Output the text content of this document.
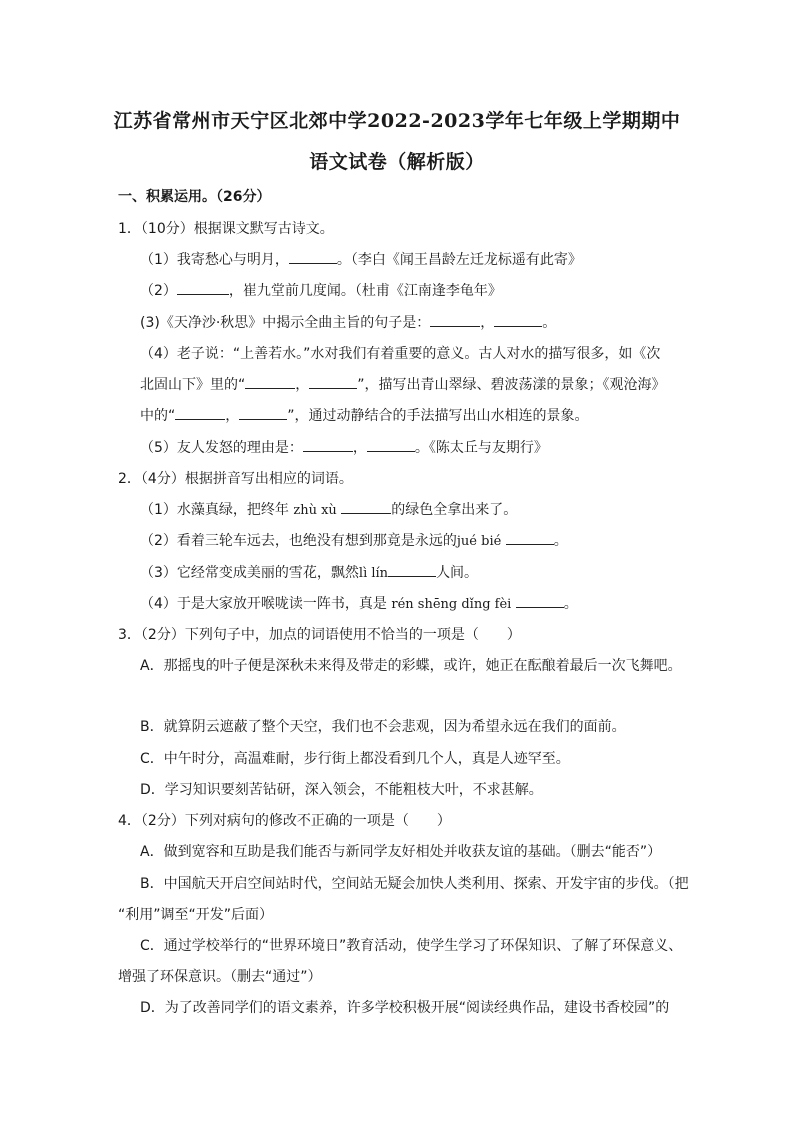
江苏省常州市天宁区北郊中学2022-2023学年七年级上学期期中
语文试卷（解析版）
一、积累运用。（26分）
1．（10分）根据课文默写古诗文。
（1）我寄愁心与明月，	。（李白《闻王昌龄左迁龙标遥有此寄》
（2）	，崔九堂前几度闻。（杜甫《江南逢李龟年》
(3)《天净沙·秋思》中揭示全曲主旨的句子是：	，	。
（4）老子说：“上善若水。”水对我们有着重要的意义。古人对水的描写很多，如《次
北固山下》里的“	，	”，描写出青山翠绿、碧波荡漾的景象；《观沧海》
中的“	，	”，通过动静结合的手法描写出山水相连的景象。
（5）友人发怒的理由是：	，	。《陈太丘与友期行》
2．（4分）根据拼音写出相应的词语。
（1）水藻真绿，把终年 zhù xù	的绿色全拿出来了。
（2）看着三轮车远去，也绝没有想到那竟是永远的jué bié	。
（3）它经常变成美丽的雪花，飘然lì lín	人间。
（4）于是大家放开喉咙读一阵书，真是 rén shēng dǐng fèi	。
3．（2分）下列句子中，加点的词语使用不恰当的一项是（　　）
A．那摇曳的叶子便是深秋未来得及带走的彩蝶，或许，她正在酝酿着最后一次飞舞吧。
B．就算阴云遮蔽了整个天空，我们也不会悲观，因为希望永远在我们的面前。
C．中午时分，高温难耐，步行街上都没看到几个人，真是人迹罕至。
D．学习知识要刻苦钻研，深入领会，不能粗枝大叶，不求甚解。
4．（2分）下列对病句的修改不正确的一项是（　　）
A．做到宽容和互助是我们能否与新同学友好相处并收获友谊的基础。（删去“能否”）
B．中国航天开启空间站时代，空间站无疑会加快人类利用、探索、开发宇宙的步伐。（把
“利用”调至“开发”后面）
C．通过学校举行的“世界环境日”教育活动，使学生学习了环保知识、了解了环保意义、
增强了环保意识。（删去“通过”）
D．为了改善同学们的语文素养，许多学校积极开展“阅读经典作品，建设书香校园”的
